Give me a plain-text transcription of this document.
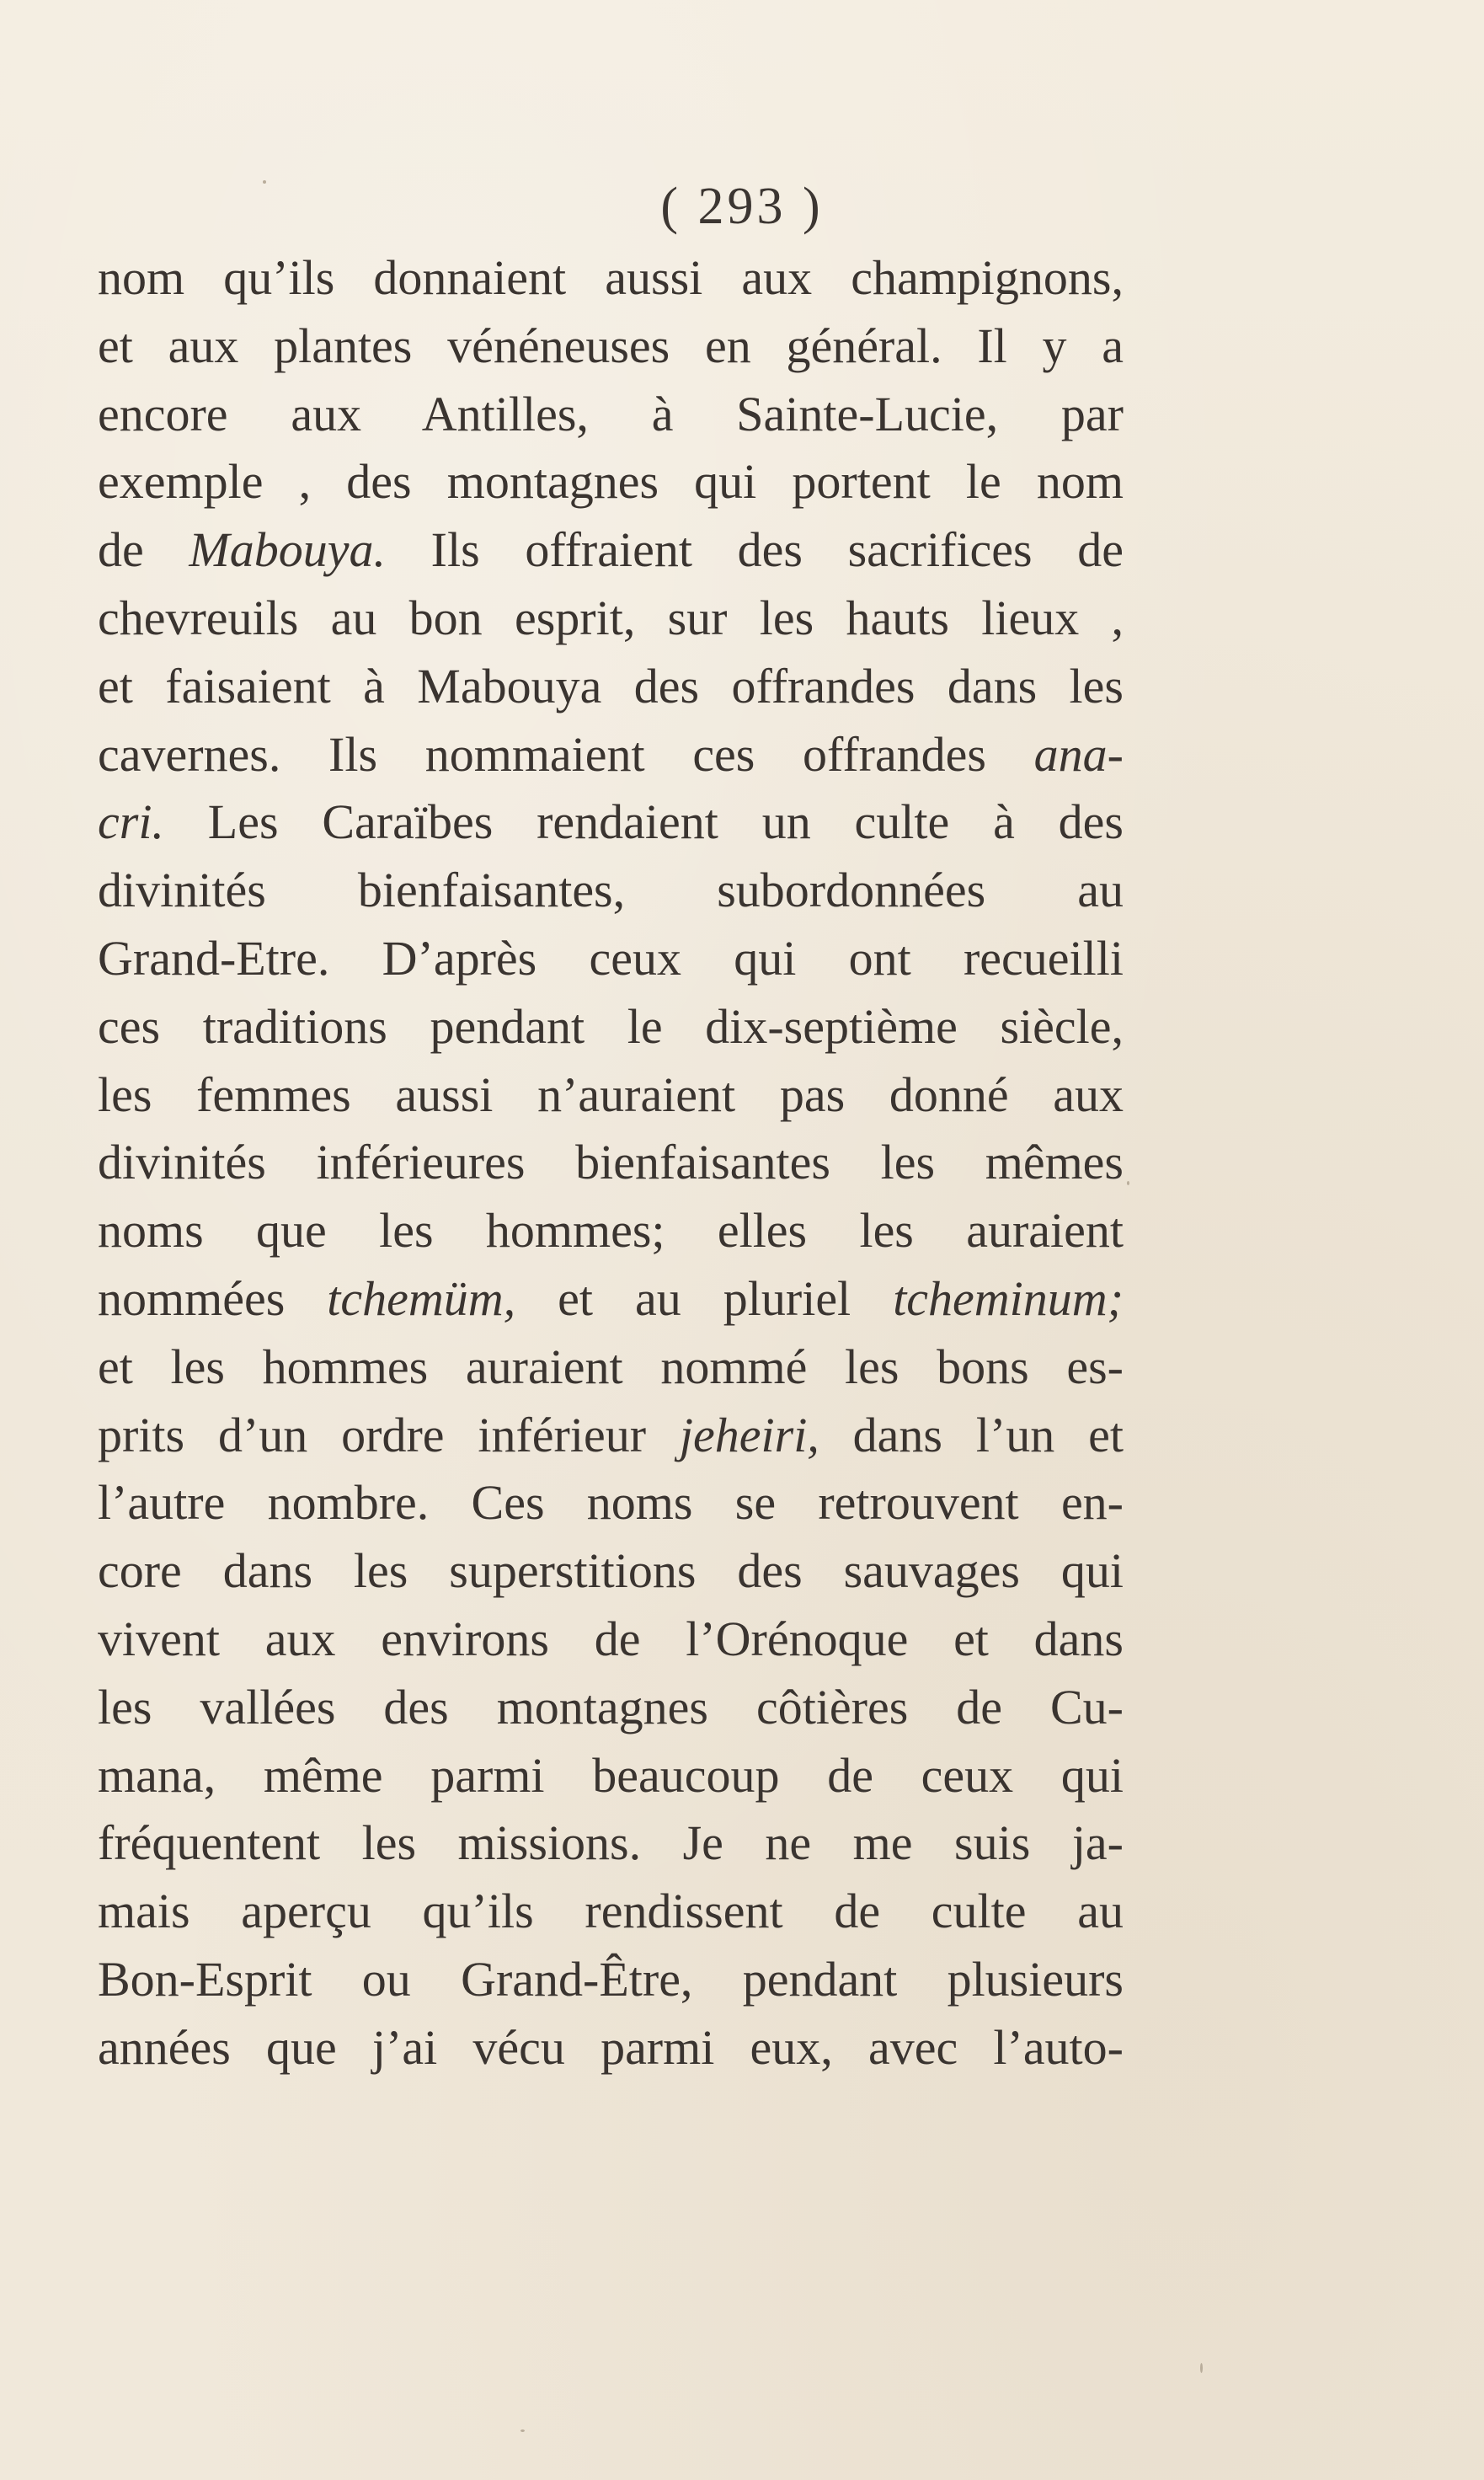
( 293 )
nom qu’ils donnaient aussi aux champignons,
et aux plantes vénéneuses en général. Il y a
encore aux Antilles, à Sainte-Lucie, par
exemple , des montagnes qui portent le nom
de Mabouya. Ils offraient des sacrifices de
chevreuils au bon esprit, sur les hauts lieux ,
et faisaient à Mabouya des offrandes dans les
cavernes. Ils nommaient ces offrandes ana-
cri. Les Caraïbes rendaient un culte à des
divinités bienfaisantes, subordonnées au
Grand-Etre. D’après ceux qui ont recueilli
ces traditions pendant le dix-septième siècle,
les femmes aussi n’auraient pas donné aux
divinités inférieures bienfaisantes les mêmes
noms que les hommes; elles les auraient
nommées tchemüm, et au pluriel tcheminum;
et les hommes auraient nommé les bons es-
prits d’un ordre inférieur jeheiri, dans l’un et
l’autre nombre. Ces noms se retrouvent en-
core dans les superstitions des sauvages qui
vivent aux environs de l’Orénoque et dans
les vallées des montagnes côtières de Cu-
mana, même parmi beaucoup de ceux qui
fréquentent les missions. Je ne me suis ja-
mais aperçu qu’ils rendissent de culte au
Bon-Esprit ou Grand-Être, pendant plusieurs
années que j’ai vécu parmi eux, avec l’auto-
